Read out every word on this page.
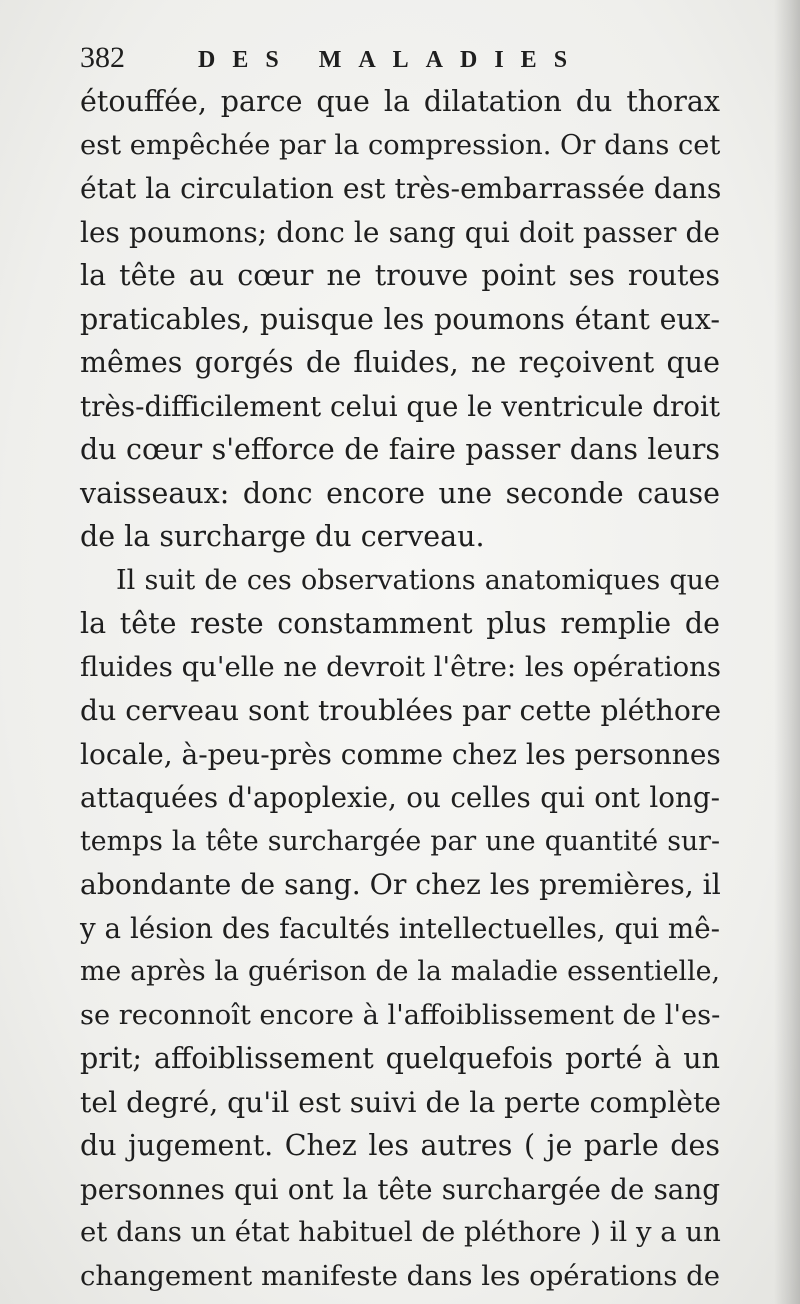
382	DES MALADIES
étouffée, parce que la dilatation du thorax
est empêchée par la compression. Or dans cet
état la circulation est très-embarrassée dans
les poumons; donc le sang qui doit passer de
la tête au cœur ne trouve point ses routes
praticables, puisque les poumons étant eux-
mêmes gorgés de fluides, ne reçoivent que
très-difficilement celui que le ventricule droit
du cœur s'efforce de faire passer dans leurs
vaisseaux: donc encore une seconde cause
de la surcharge du cerveau.
Il suit de ces observations anatomiques que
la tête reste constamment plus remplie de
fluides qu'elle ne devroit l'être: les opérations
du cerveau sont troublées par cette pléthore
locale, à-peu-près comme chez les personnes
attaquées d'apoplexie, ou celles qui ont long-
temps la tête surchargée par une quantité sur-
abondante de sang. Or chez les premières, il
y a lésion des facultés intellectuelles, qui mê-
me après la guérison de la maladie essentielle,
se reconnoît encore à l'affoiblissement de l'es-
prit; affoiblissement quelquefois porté à un
tel degré, qu'il est suivi de la perte complète
du jugement. Chez les autres ( je parle des
personnes qui ont la tête surchargée de sang
et dans un état habituel de pléthore ) il y a un
changement manifeste dans les opérations de
